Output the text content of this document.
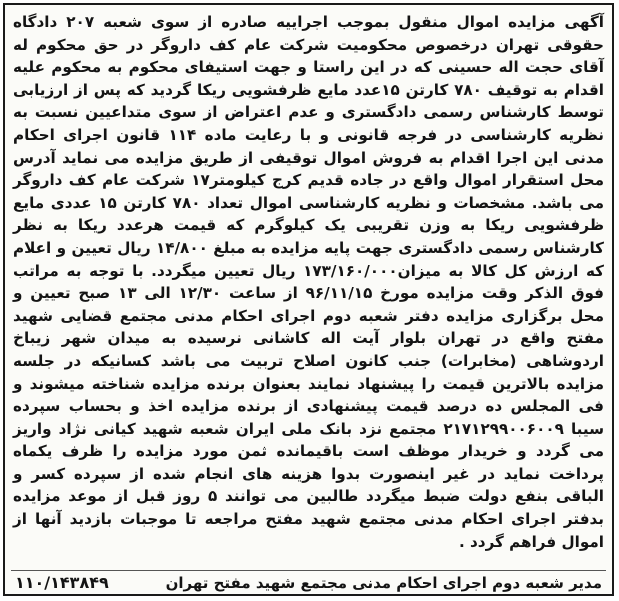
آگهی مزایده اموال منقول بموجب اجراییه صادره از سوی شعبه ۲۰۷ دادگاه حقوقی تهران درخصوص محکومیت شرکت عام کف داروگر در حق محکوم له آقای حجت اله حسینی که در این راستا و جهت استیفای محکوم به محکوم علیه اقدام به توقیف ۷۸۰ کارتن ۱۵عدد مایع ظرفشویی ریکا گردید که پس از ارزیابی توسط کارشناس رسمی دادگستری و عدم اعتراض از سوی متداعیین نسبت به نظریه کارشناسی در فرجه قانونی و با رعایت ماده ۱۱۴ قانون اجرای احکام مدنی این اجرا اقدام به فروش اموال توقیفی از طریق مزایده می نماید آدرس محل استقرار اموال واقع در جاده قدیم کرج کیلومتر۱۷ شرکت عام کف داروگر می باشد. مشخصات و نظریه کارشناسی اموال تعداد ۷۸۰ کارتن ۱۵ عددی مایع ظرفشویی ریکا به وزن تقریبی یک کیلوگرم که قیمت هرعدد ریکا به نظر کارشناس رسمی دادگستری جهت پایه مزایده به مبلغ ۱۴/۸۰۰ ریال تعیین و اعلام که ارزش کل کالا به میزان۱۷۳/۱۶۰/۰۰۰ ریال تعیین میگردد. با توجه به مراتب فوق الذکر وقت مزایده مورخ ۹۶/۱۱/۱۵ از ساعت ۱۲/۳۰ الی ۱۳ صبح تعیین و محل برگزاری مزایده دفتر شعبه دوم اجرای احکام مدنی مجتمع قضایی شهید مفتح واقع در تهران بلوار آیت اله کاشانی نرسیده به میدان شهر زیباخ اردوشاهی (مخابرات) جنب کانون اصلاح تربیت می باشد کسانیکه در جلسه مزایده بالاترین قیمت را پیشنهاد نمایند بعنوان برنده مزایده شناخته میشوند و فی المجلس ده درصد قیمت پیشنهادی از برنده مزایده اخذ و بحساب سپرده سیبا ۲۱۷۱۲۹۹۰۰۶۰۰۹ مجتمع نزد بانک ملی ایران شعبه شهید کیانی نژاد واریز می گردد و خریدار موظف است باقیمانده ثمن مورد مزایده را ظرف یکماه پرداخت نماید در غیر اینصورت بدوا هزینه های انجام شده از سپرده کسر و الباقی بنفع دولت ضبط میگردد طالبین می توانند ۵ روز قبل از موعد مزایده بدفتر اجرای احکام مدنی مجتمع شهید مفتح مراجعه تا موجبات بازدید آنها از اموال فراهم گردد .

مدیر شعبه دوم اجرای احکام مدنی مجتمع شهید مفتح تهران
۱۱۰/۱۴۳۸۴۹
